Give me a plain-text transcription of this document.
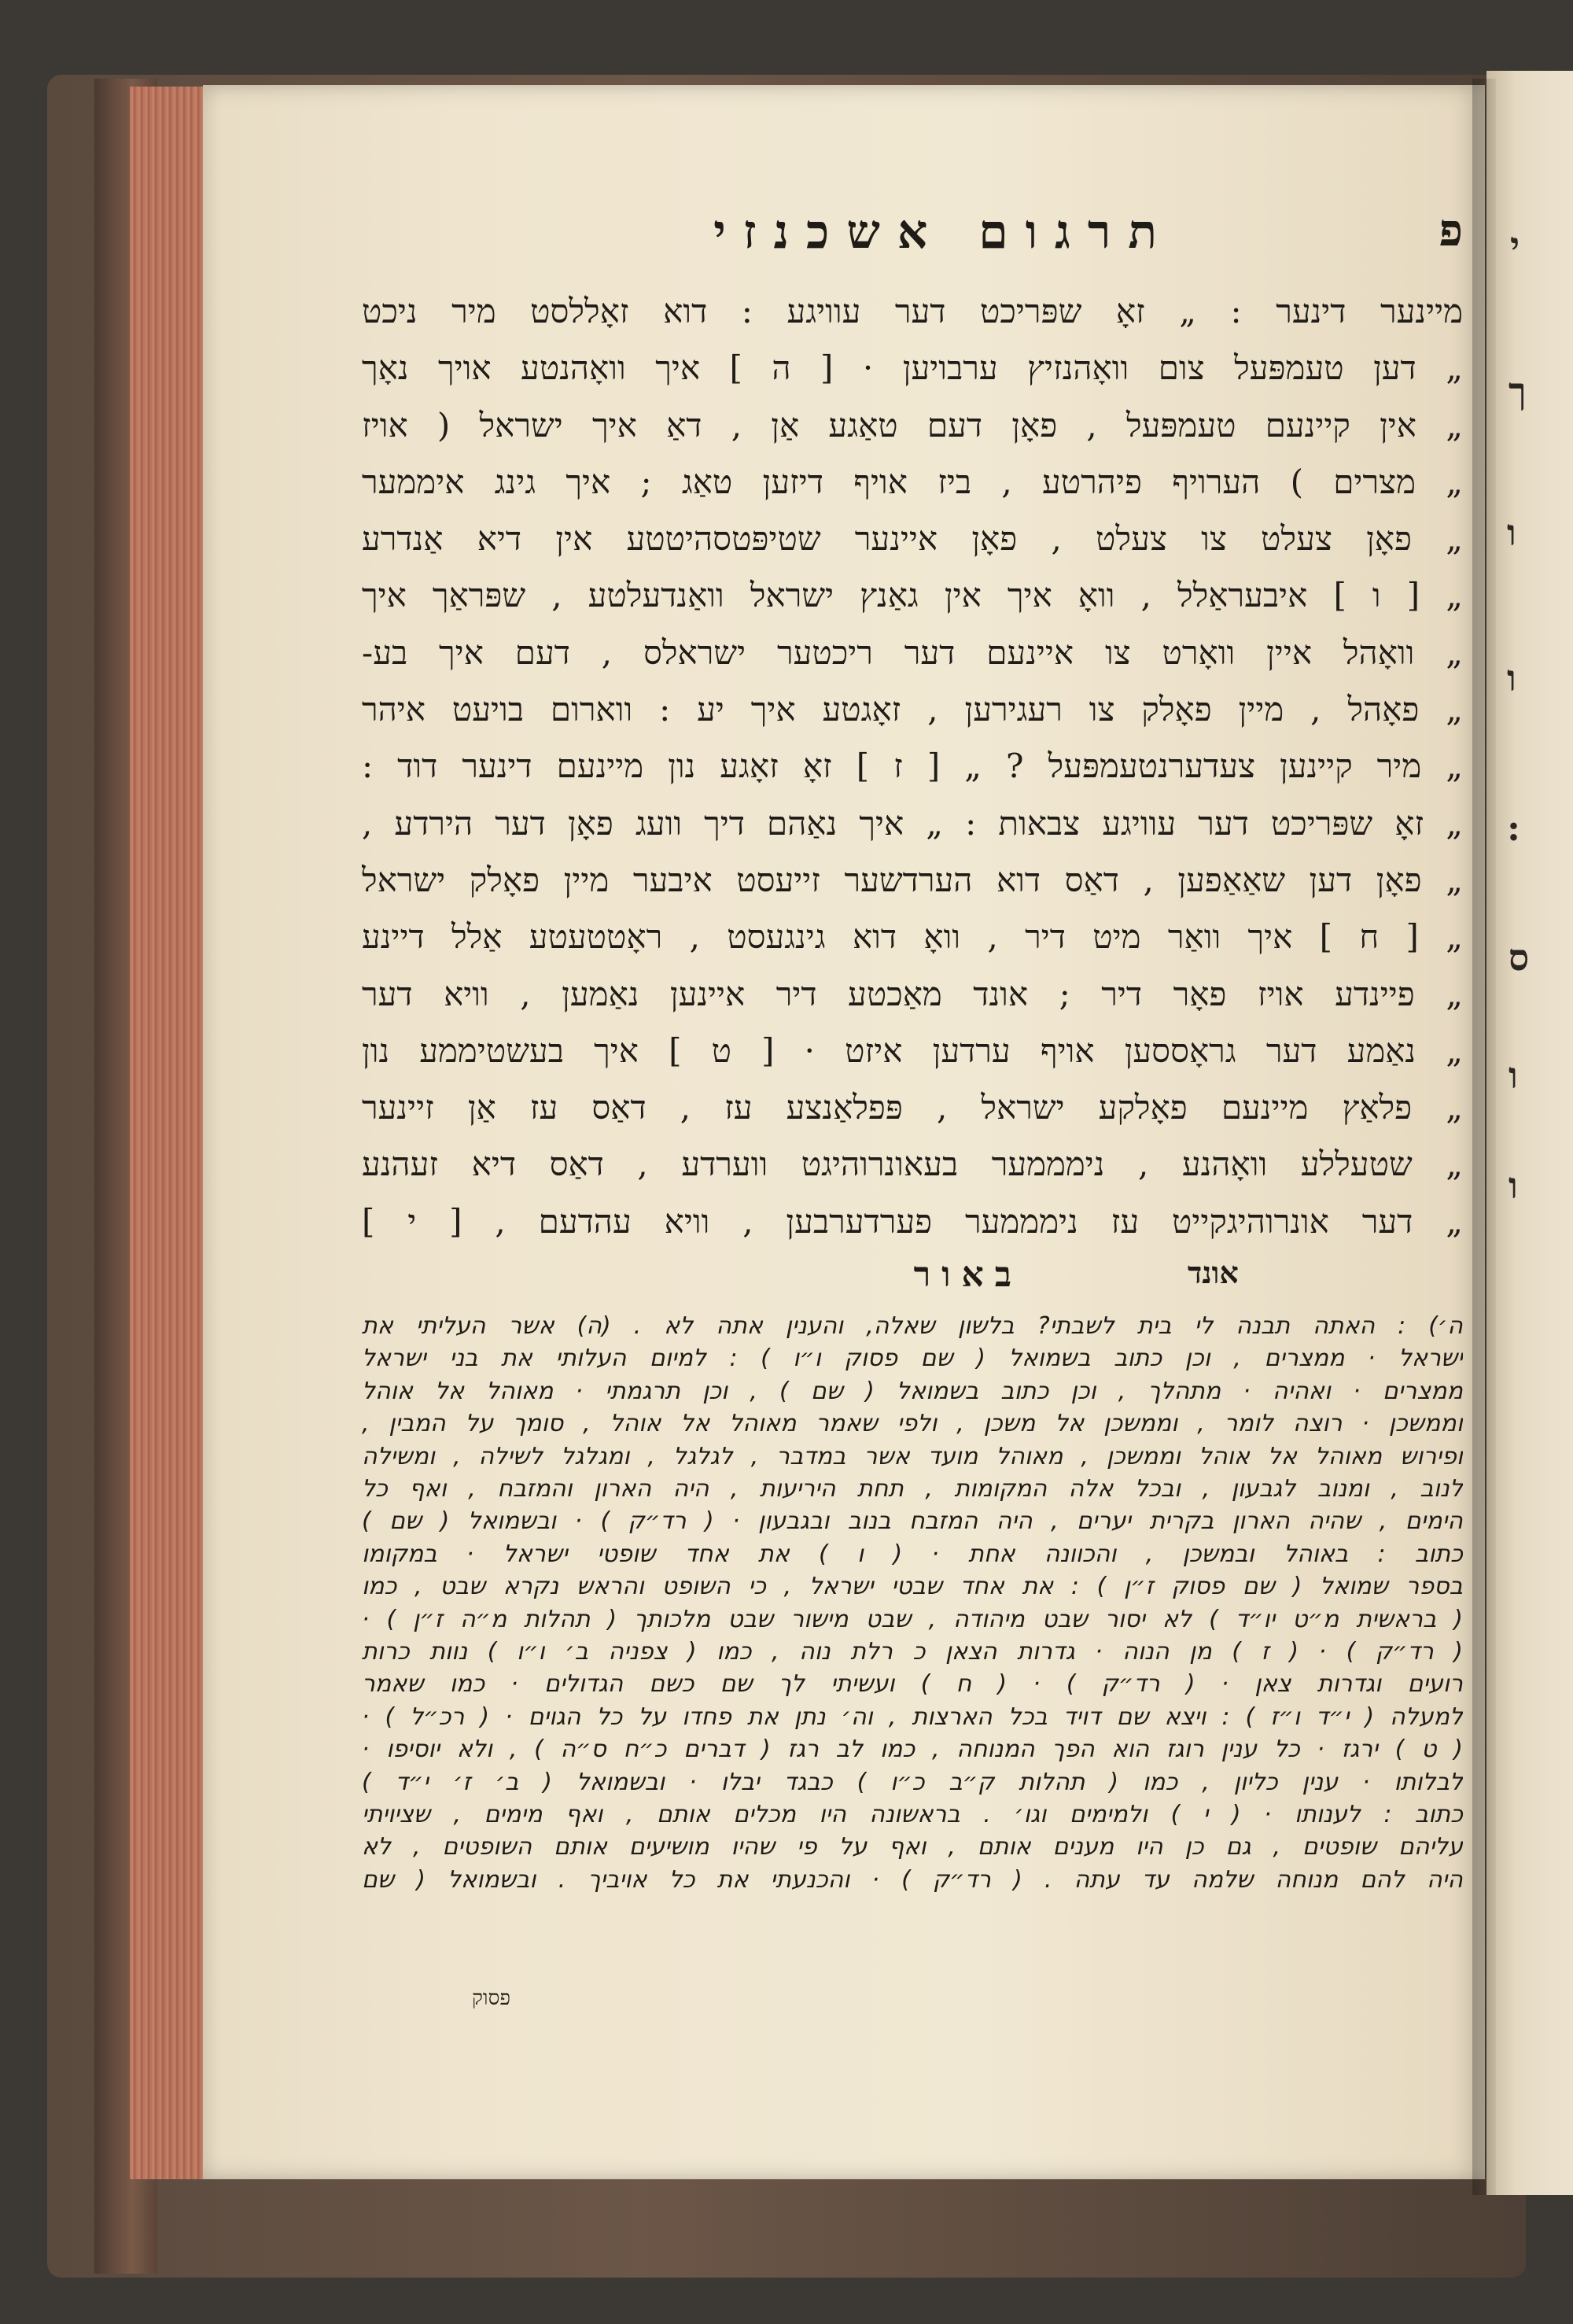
י
ך
ו
ו
:
ס
ו
ו
פ
תרגום אשכנזי
מיינער דינער : „ זאָ שפּריכט דער עוויגע : דוא זאָללסט מיר ניכט
„ דען טעמפּעל צום וואָהנזיץ ערבויען · [ ה ] איך וואָהנטע אויך נאָך
„ אין קיינעם טעמפּעל , פאָן דעם טאַגע אַן , דאַ איך ישראל ( אויז
„ מצרים ) הערויף פיהרטע , ביז אויף דיזען טאַג ; איך גינג איממער
„ פאָן צעלט צו צעלט , פאָן איינער שטיפּטסהיטטע אין דיא אַנדרע
„ [ ו ] איבעראַלל , וואָ איך אין גאַנץ ישראל וואַנדעלטע , שפּראַך איך
„ וואָהל איין וואָרט צו איינעם דער ריכטער ישראלס , דעם איך בע-
„ פאָהל , מיין פאָלק צו רעגירען , זאָגטע איך יע : ווארום בויעט איהר
„ מיר קיינען צעדערנטעמפּעל ? „ [ ז ] זאָ זאָגע נון מיינעם דינער דוד :
„ זאָ שפּריכט דער עוויגע צבאות : „ איך נאַהם דיך וועג פאָן דער הירדע ,
„ פאָן דען שאַאַפען , דאַס דוא הערדשער זייעסט איבער מיין פאָלק ישראל
„ [ ח ] איך וואַר מיט דיר , וואָ דוא גינגעסט , ראָטטעטע אַלל דיינע
„ פיינדע אויז פאָר דיר ; אונד מאַכטע דיר איינען נאַמען , וויא דער
„ נאַמע דער גראָססען אויף ערדען איזט · [ ט ] איך בעשטיממע נון
„ פלאַץ מיינעם פאָלקע ישראל , פּפלאַנצע עז , דאַס עז אַן זיינער
„ שטעללע וואָהנע , נימממער בעאונרוהיגט ווערדע , דאַס דיא זעהנע
„ דער אונרוהיגקייט עז נימממער פערדערבען , וויא עהדעם , [ י ]
באור	אונד
ה׳) : האתה תבנה לי בית לשבתי? בלשון שאלה, והענין אתה לא . (ה) אשר העליתי את
ישראל · ממצרים , וכן כתוב בשמואל ( שם פסוק ו״ו ) : למיום העלותי את בני ישראל
ממצרים · ואהיה · מתהלך , וכן כתוב בשמואל ( שם ) , וכן תרגמתי · מאוהל אל אוהל
וממשכן · רוצה לומר , וממשכן אל משכן , ולפי שאמר מאוהל אל אוהל , סומך על המבין ,
ופירוש מאוהל אל אוהל וממשכן , מאוהל מועד אשר במדבר , לגלגל , ומגלגל לשילה , ומשילה
לנוב , ומנוב לגבעון , ובכל אלה המקומות , תחת היריעות , היה הארון והמזבח , ואף כל
הימים , שהיה הארון בקרית יערים , היה המזבח בנוב ובגבעון · ( רד״ק ) · ובשמואל ( שם )
כתוב : באוהל ובמשכן , והכוונה אחת · ( ו ) את אחד שופטי ישראל · במקומו
בספר שמואל ( שם פסוק ז״ן ) : את אחד שבטי ישראל , כי השופט והראש נקרא שבט , כמו
( בראשית מ״ט יו״ד ) לא יסור שבט מיהודה , שבט מישור שבט מלכותך ( תהלות מ״ה ז״ן ) ·
( רד״ק ) · ( ז ) מן הנוה · גדרות הצאן כ רלת נוה , כמו ( צפניה ב׳ ו״ו ) נוות כרות
רועים וגדרות צאן · ( רד״ק ) · ( ח ) ועשיתי לך שם כשם הגדולים · כמו שאמר
למעלה ( י״ד ו״ז ) : ויצא שם דויד בכל הארצות , וה׳ נתן את פחדו על כל הגוים · ( רכ״ל ) ·
( ט ) ירגז · כל ענין רוגז הוא הפך המנוחה , כמו לב רגז ( דברים כ״ח ס״ה ) , ולא יוסיפו ·
לבלותו · ענין כליון , כמו ( תהלות ק״ב כ״ו ) כבגד יבלו · ובשמואל ( ב׳ ז׳ י״ד )
כתוב : לענותו · ( י ) ולמימים וגו׳ . בראשונה היו מכלים אותם , ואף מימים , שציויתי
עליהם שופטים , גם כן היו מענים אותם , ואף על פי שהיו מושיעים אותם השופטים , לא
היה להם מנוחה שלמה עד עתה . ( רד״ק ) · והכנעתי את כל אויביך . ובשמואל ( שם
פסוק
